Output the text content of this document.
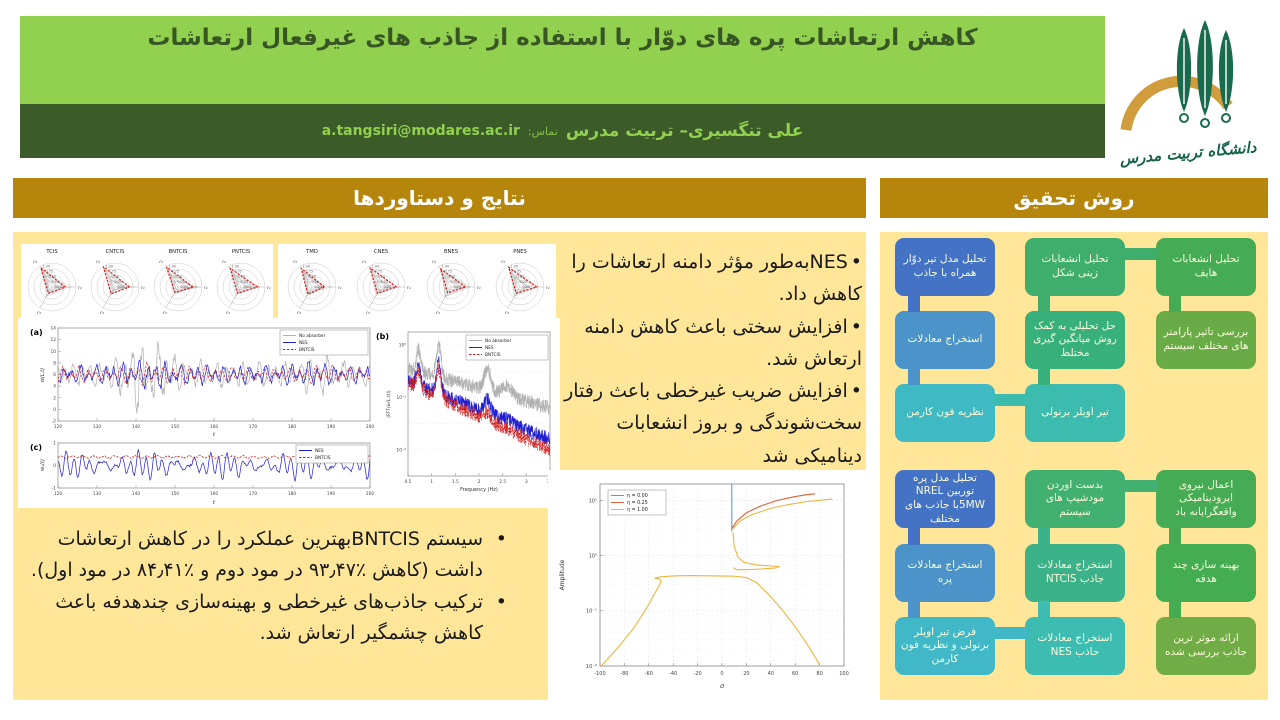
کاهش ارتعاشات پره های دوّار با استفاده از جاذب های غیرفعال ارتعاشات
علی تنگسیری– تربیت مدرس
تماس:
a.tangsiri@modares.ac.ir
دانشگاه تربیت مدرس
نتایج و دستاوردها	روش تحقیق
TCIS
1.00
0.75
0.50
0.25
0.00	r₁
r₂
r₃
CNTCIS
1.00
0.75
0.50
0.25
0.00	r₁
r₂
r₃
BNTCIS
1.00
0.75
0.50
0.25
0.00	r₁
r₂
r₃
PNTCIS
1.00
0.75
0.50
0.25
0.00	r₁
r₂
r₃
TMD
1.00
0.75
0.50
0.25
0.00	r₁
r₂
r₃
CNES
1.00
0.75
0.50
0.25
0.00	r₁
r₂
r₃
BNES
1.00
0.75
0.50
0.25
0.00	r₁
r₂
r₃
PNES
1.00
0.75
0.50
0.25
0.00	r₁
r₂
r₃
•NESبه‌طور مؤثر دامنه ارتعاشات را کاهش داد.
•افزایش سختی باعث کاهش دامنه ارتعاش شد.
•افزایش ضریب غیرخطی باعث رفتار سخت‌شوندگی و بروز انشعابات دینامیکی شد
-2
0
2
4
6
8
10
12
14
120	130	140	150	160	170	180	190	200
t
w(L,t)
(a)	No absorber
NES
BNTCIS
-1
0
1
120	130	140	150	160	170	180	190	200
t
wₐ(t)
(c)	NES
BNTCIS
10⁰
10⁻²
10⁻⁴
0.5	1	1.5	2	2.5	3
Frequency (Hz)
|FFT(w(L,t))|
(b)
No absorber
NES
BNTCIS
-100	-80	-60	-40	-20	0	20	40	60	80	100
10⁻²
10⁻¹
10⁰
10¹
σ
Amplitude
η = 0.00
η = 0.25
η = 1.00
•
سیستم BNTCISبهترین عملکرد را در کاهش ارتعاشات داشت (کاهش ٪۹۳٫۴۷ در مود دوم و ٪۸۴٫۴۱ در مود اول).
•
ترکیب جاذب‌های غیرخطی و بهینه‌سازی چندهدفه باعث کاهش چشمگیر ارتعاش شد.
تحلیل انشعابات هایف
بررسی تاثیر پارامتر های مختلف سیستم
تحلیل انشعابات زینی شکل
حل تحلیلی به کمک روش میانگین گیری مختلط
تیر اویلر برنولی
تحلیل مدل تیر دوّار همراه با جاذب
استخراج معادلات
نظریه فون کارمن
اعمال نیروی ایرودینامیکی واقعگرایانه باد
بهینه سازی چند هدفه
ارائه موثر ترین جاذب بررسی شده
بدست اوردن مودشیپ های سیستم
استخراج معادلات جاذب NTCIS
استخراج معادلات جاذب NES
تحلیل مدل پره توربین NREL 5MWبا جاذب های مختلف
استخراج معادلات پره
فرض تیر اویلر برنولی و نظریه فون کارمن
